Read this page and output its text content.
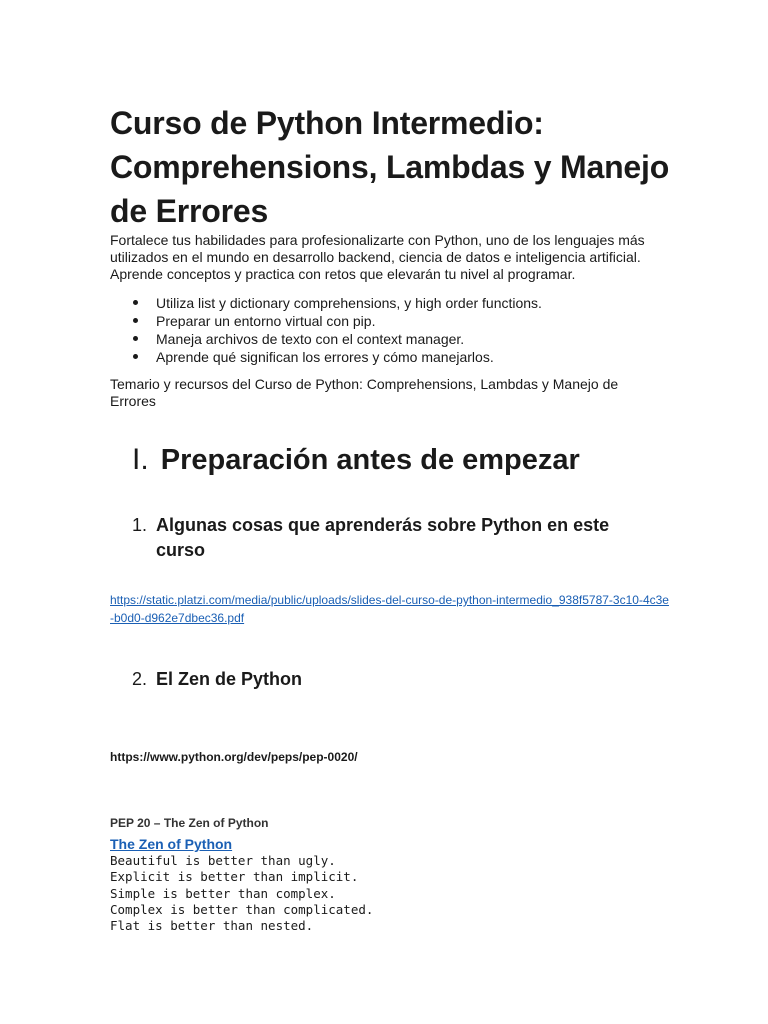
Curso de Python Intermedio: Comprehensions, Lambdas y Manejo de Errores

Fortalece tus habilidades para profesionalizarte con Python, uno de los lenguajes más utilizados en el mundo en desarrollo backend, ciencia de datos e inteligencia artificial. Aprende conceptos y practica con retos que elevarán tu nivel al programar.

Utiliza list y dictionary comprehensions, y high order functions.
Preparar un entorno virtual con pip.
Maneja archivos de texto con el context manager.
Aprende qué significan los errores y cómo manejarlos.

Temario y recursos del Curso de Python: Comprehensions, Lambdas y Manejo de Errores

I. Preparación antes de empezar
1. Algunas cosas que aprenderás sobre Python en este curso
https://static.platzi.com/media/public/uploads/slides-del-curso-de-python-intermedio_938f5787-3c10-4c3e-b0d0-d962e7dbec36.pdf
2. El Zen de Python
https://www.python.org/dev/peps/pep-0020/
PEP 20 – The Zen of Python
The Zen of Python
Beautiful is better than ugly.
Explicit is better than implicit.
Simple is better than complex.
Complex is better than complicated.
Flat is better than nested.
